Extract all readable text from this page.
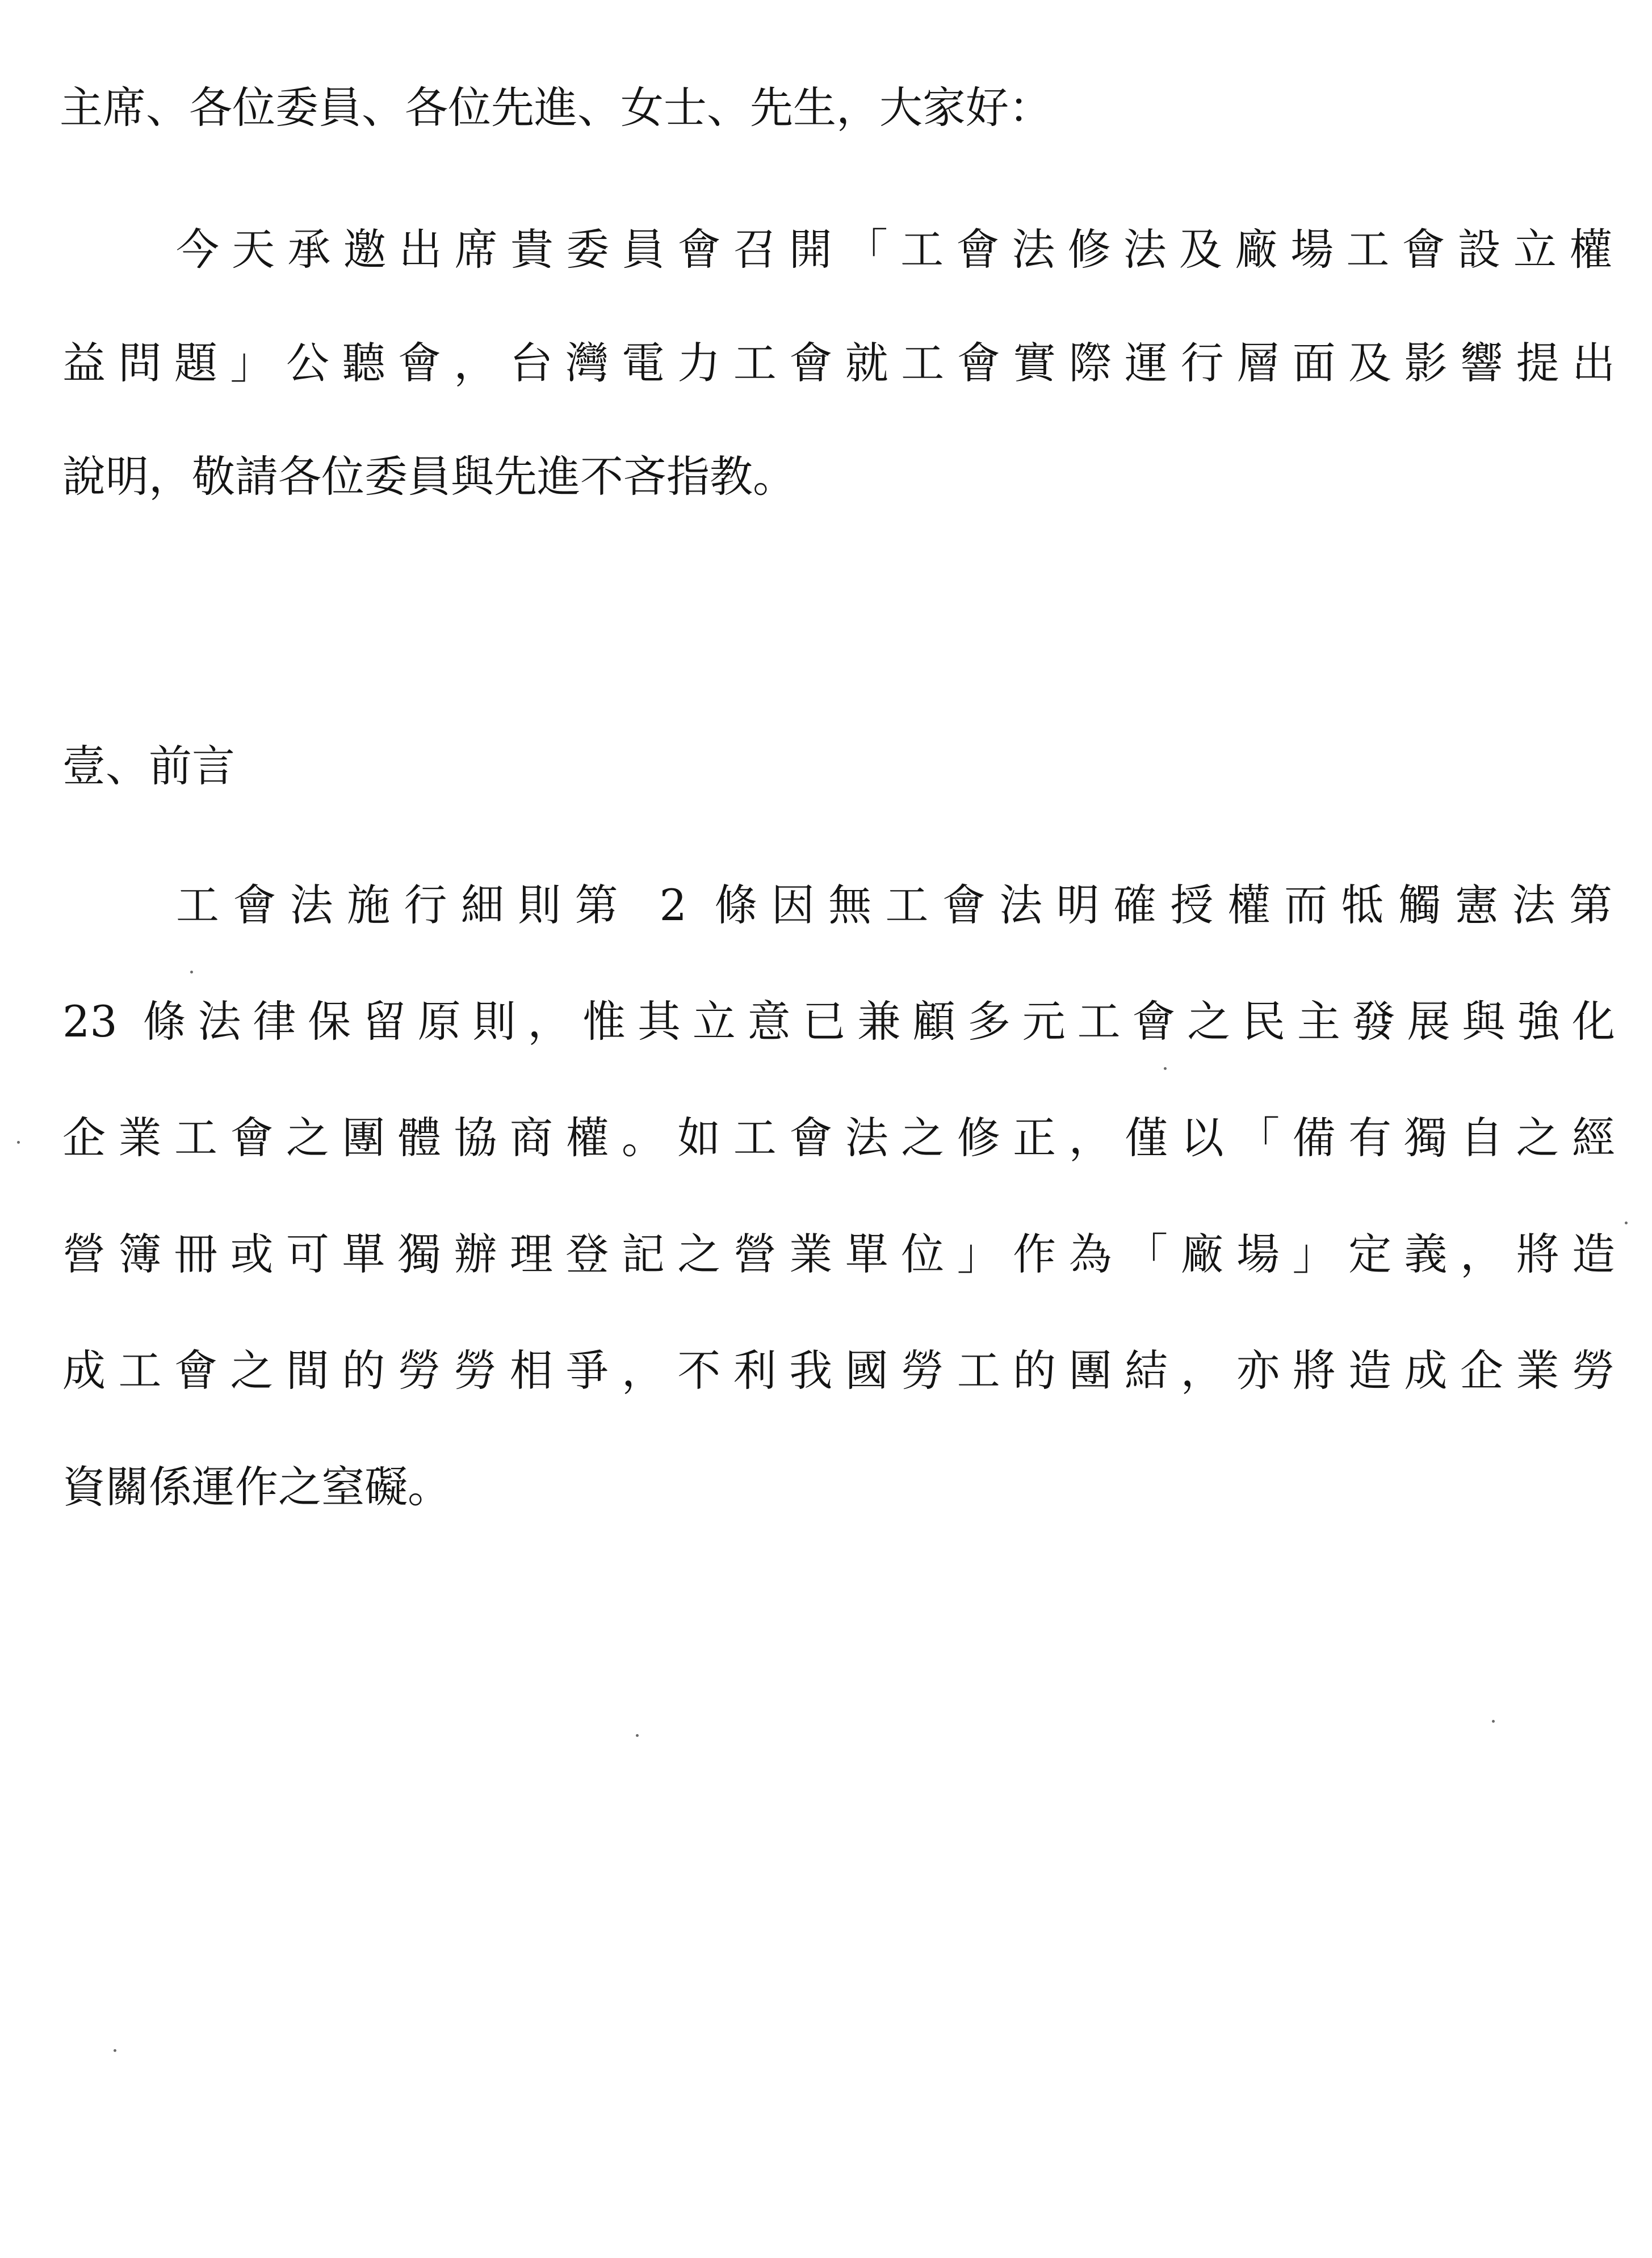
主席、各位委員、各位先進、女士、先生，大家好：

今天承邀出席貴委員會召開「工會法修法及廠場工會設立權

益問題」公聽會，台灣電力工會就工會實際運行層面及影響提出

說明，敬請各位委員與先進不吝指教。

壹、前言

工會法施行細則第 2 條因無工會法明確授權而牴觸憲法第

23 條法律保留原則，惟其立意已兼顧多元工會之民主發展與強化

企業工會之團體協商權。如工會法之修正，僅以「備有獨自之經

營簿冊或可單獨辦理登記之營業單位」作為「廠場」定義，將造

成工會之間的勞勞相爭，不利我國勞工的團結，亦將造成企業勞

資關係運作之窒礙。
